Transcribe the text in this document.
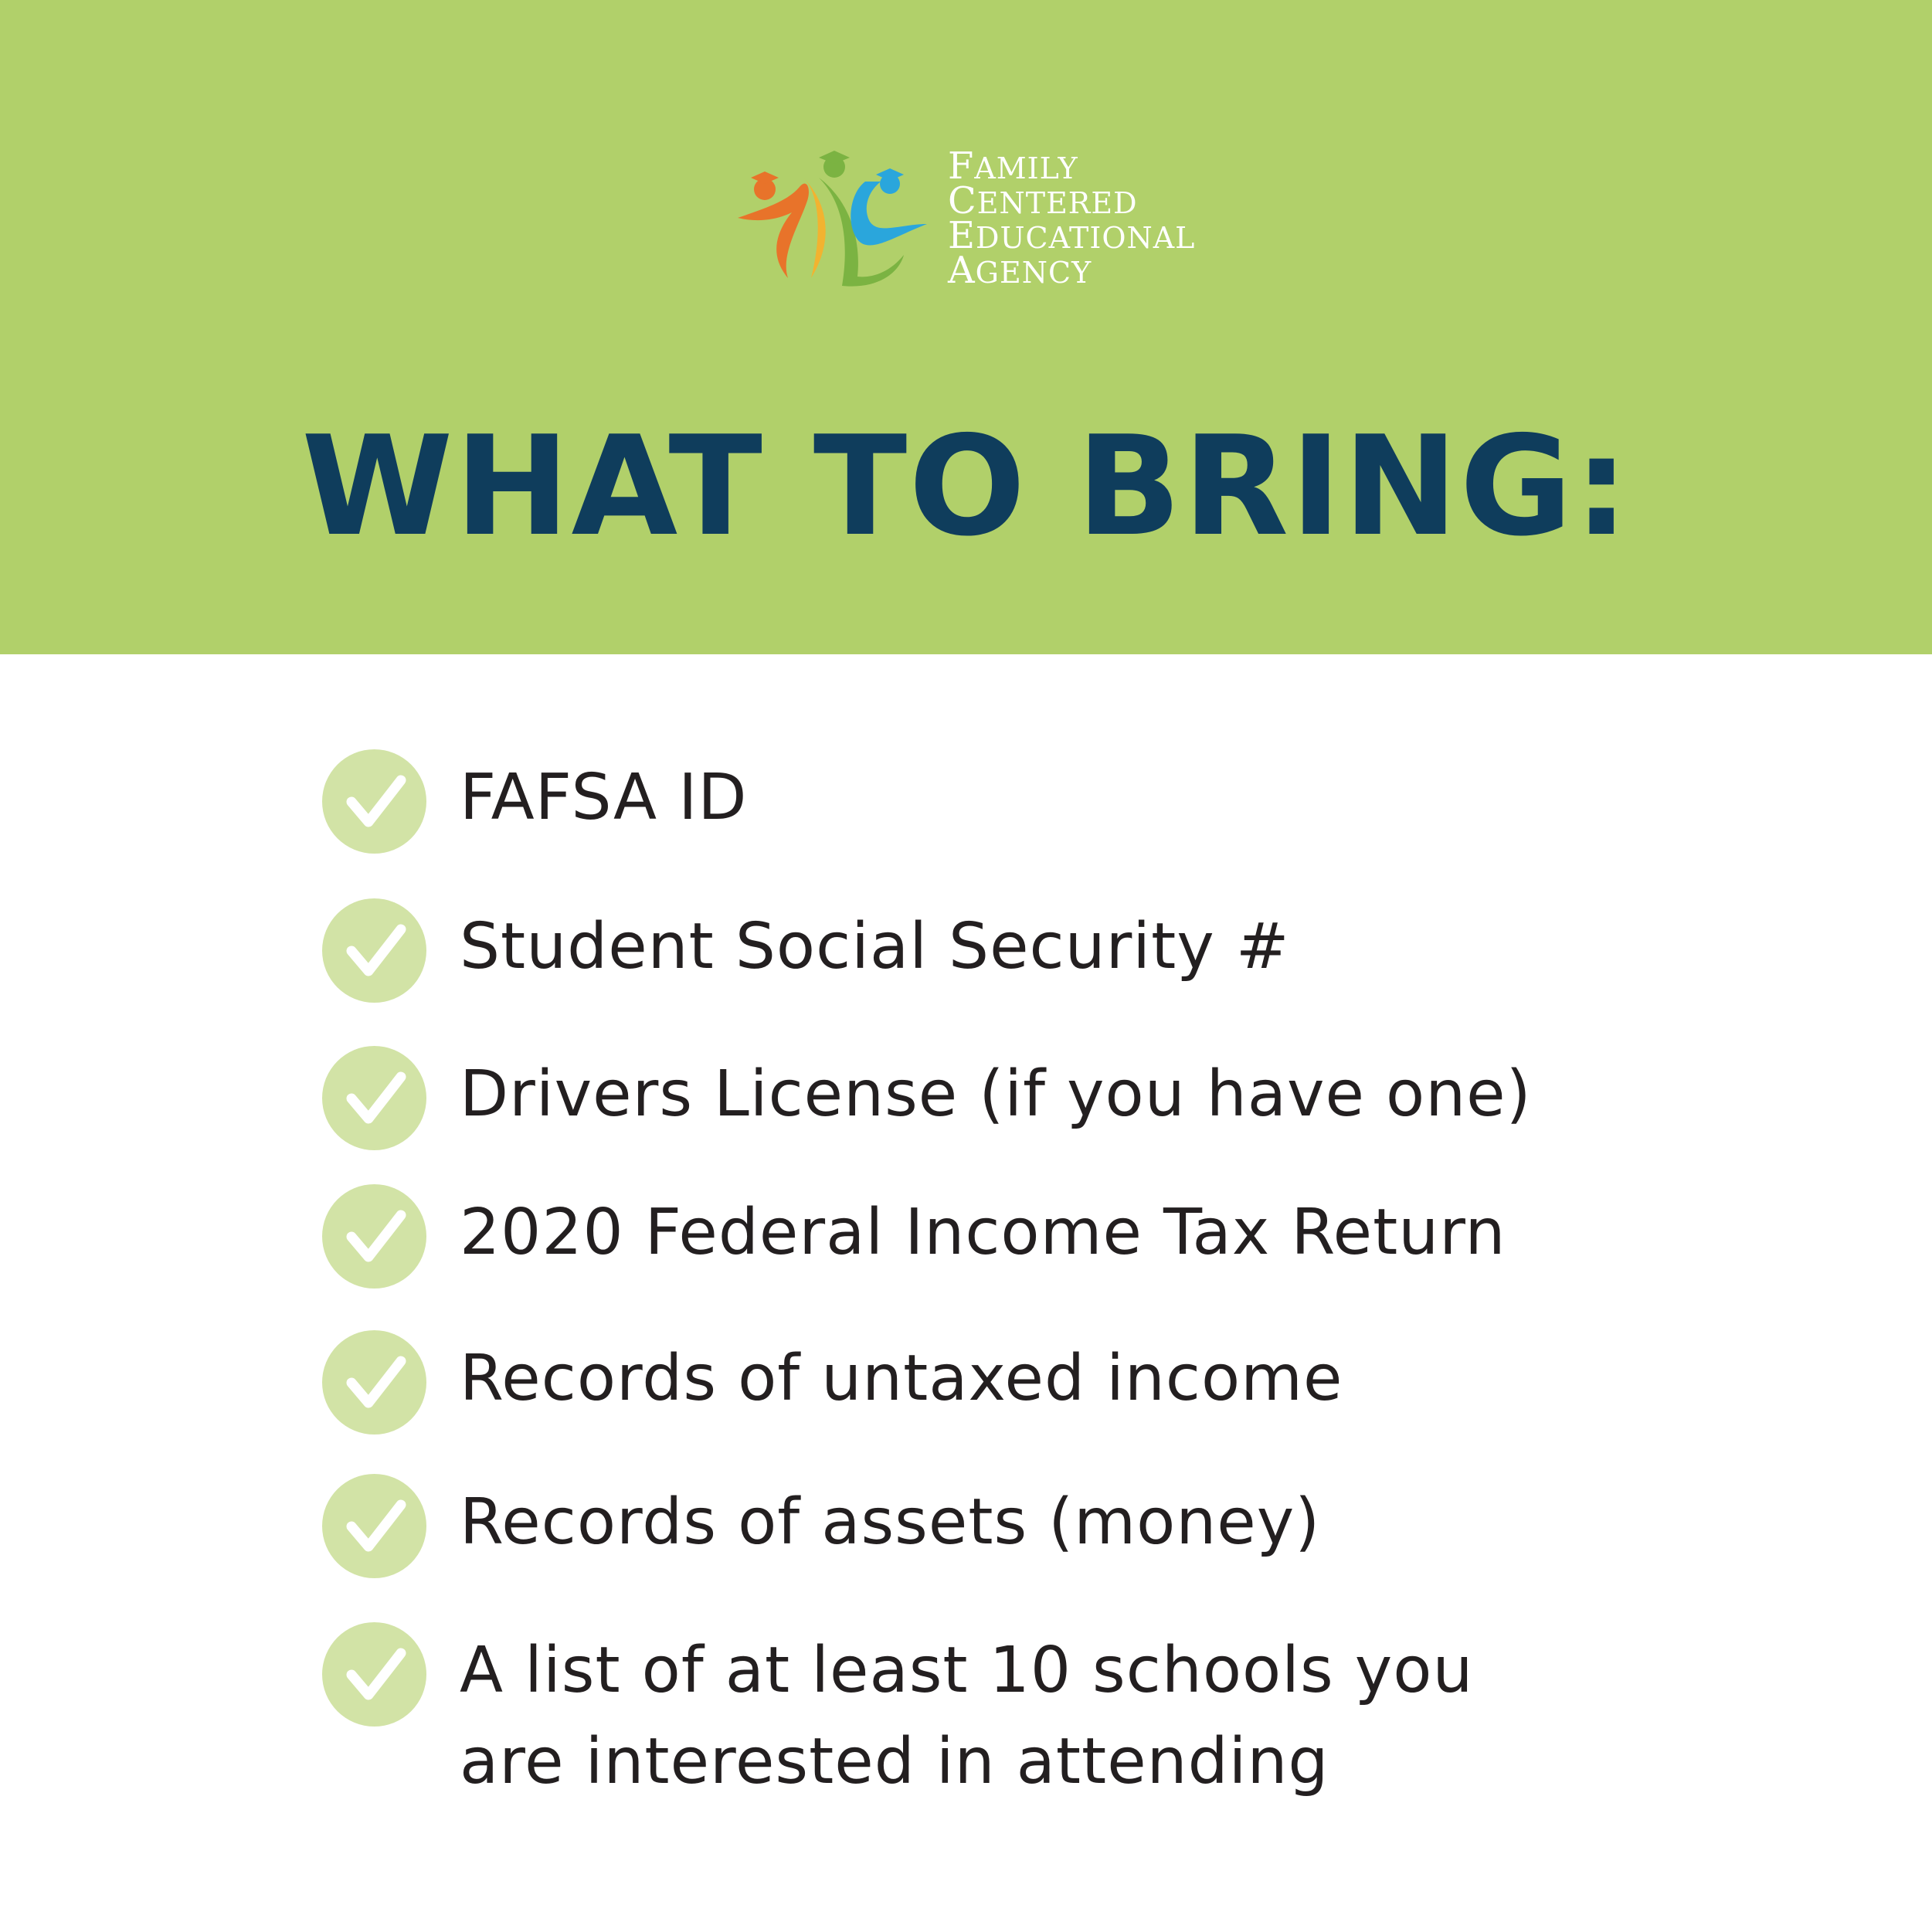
FAMILY
CENTERED
EDUCATIONAL
AGENCY
WHAT TO BRING:
FAFSA ID
Student Social Security #
Drivers License (if you have one)
2020 Federal Income Tax Return
Records of untaxed income
Records of assets (money)
A list of at least 10 schools you
are interested in attending
